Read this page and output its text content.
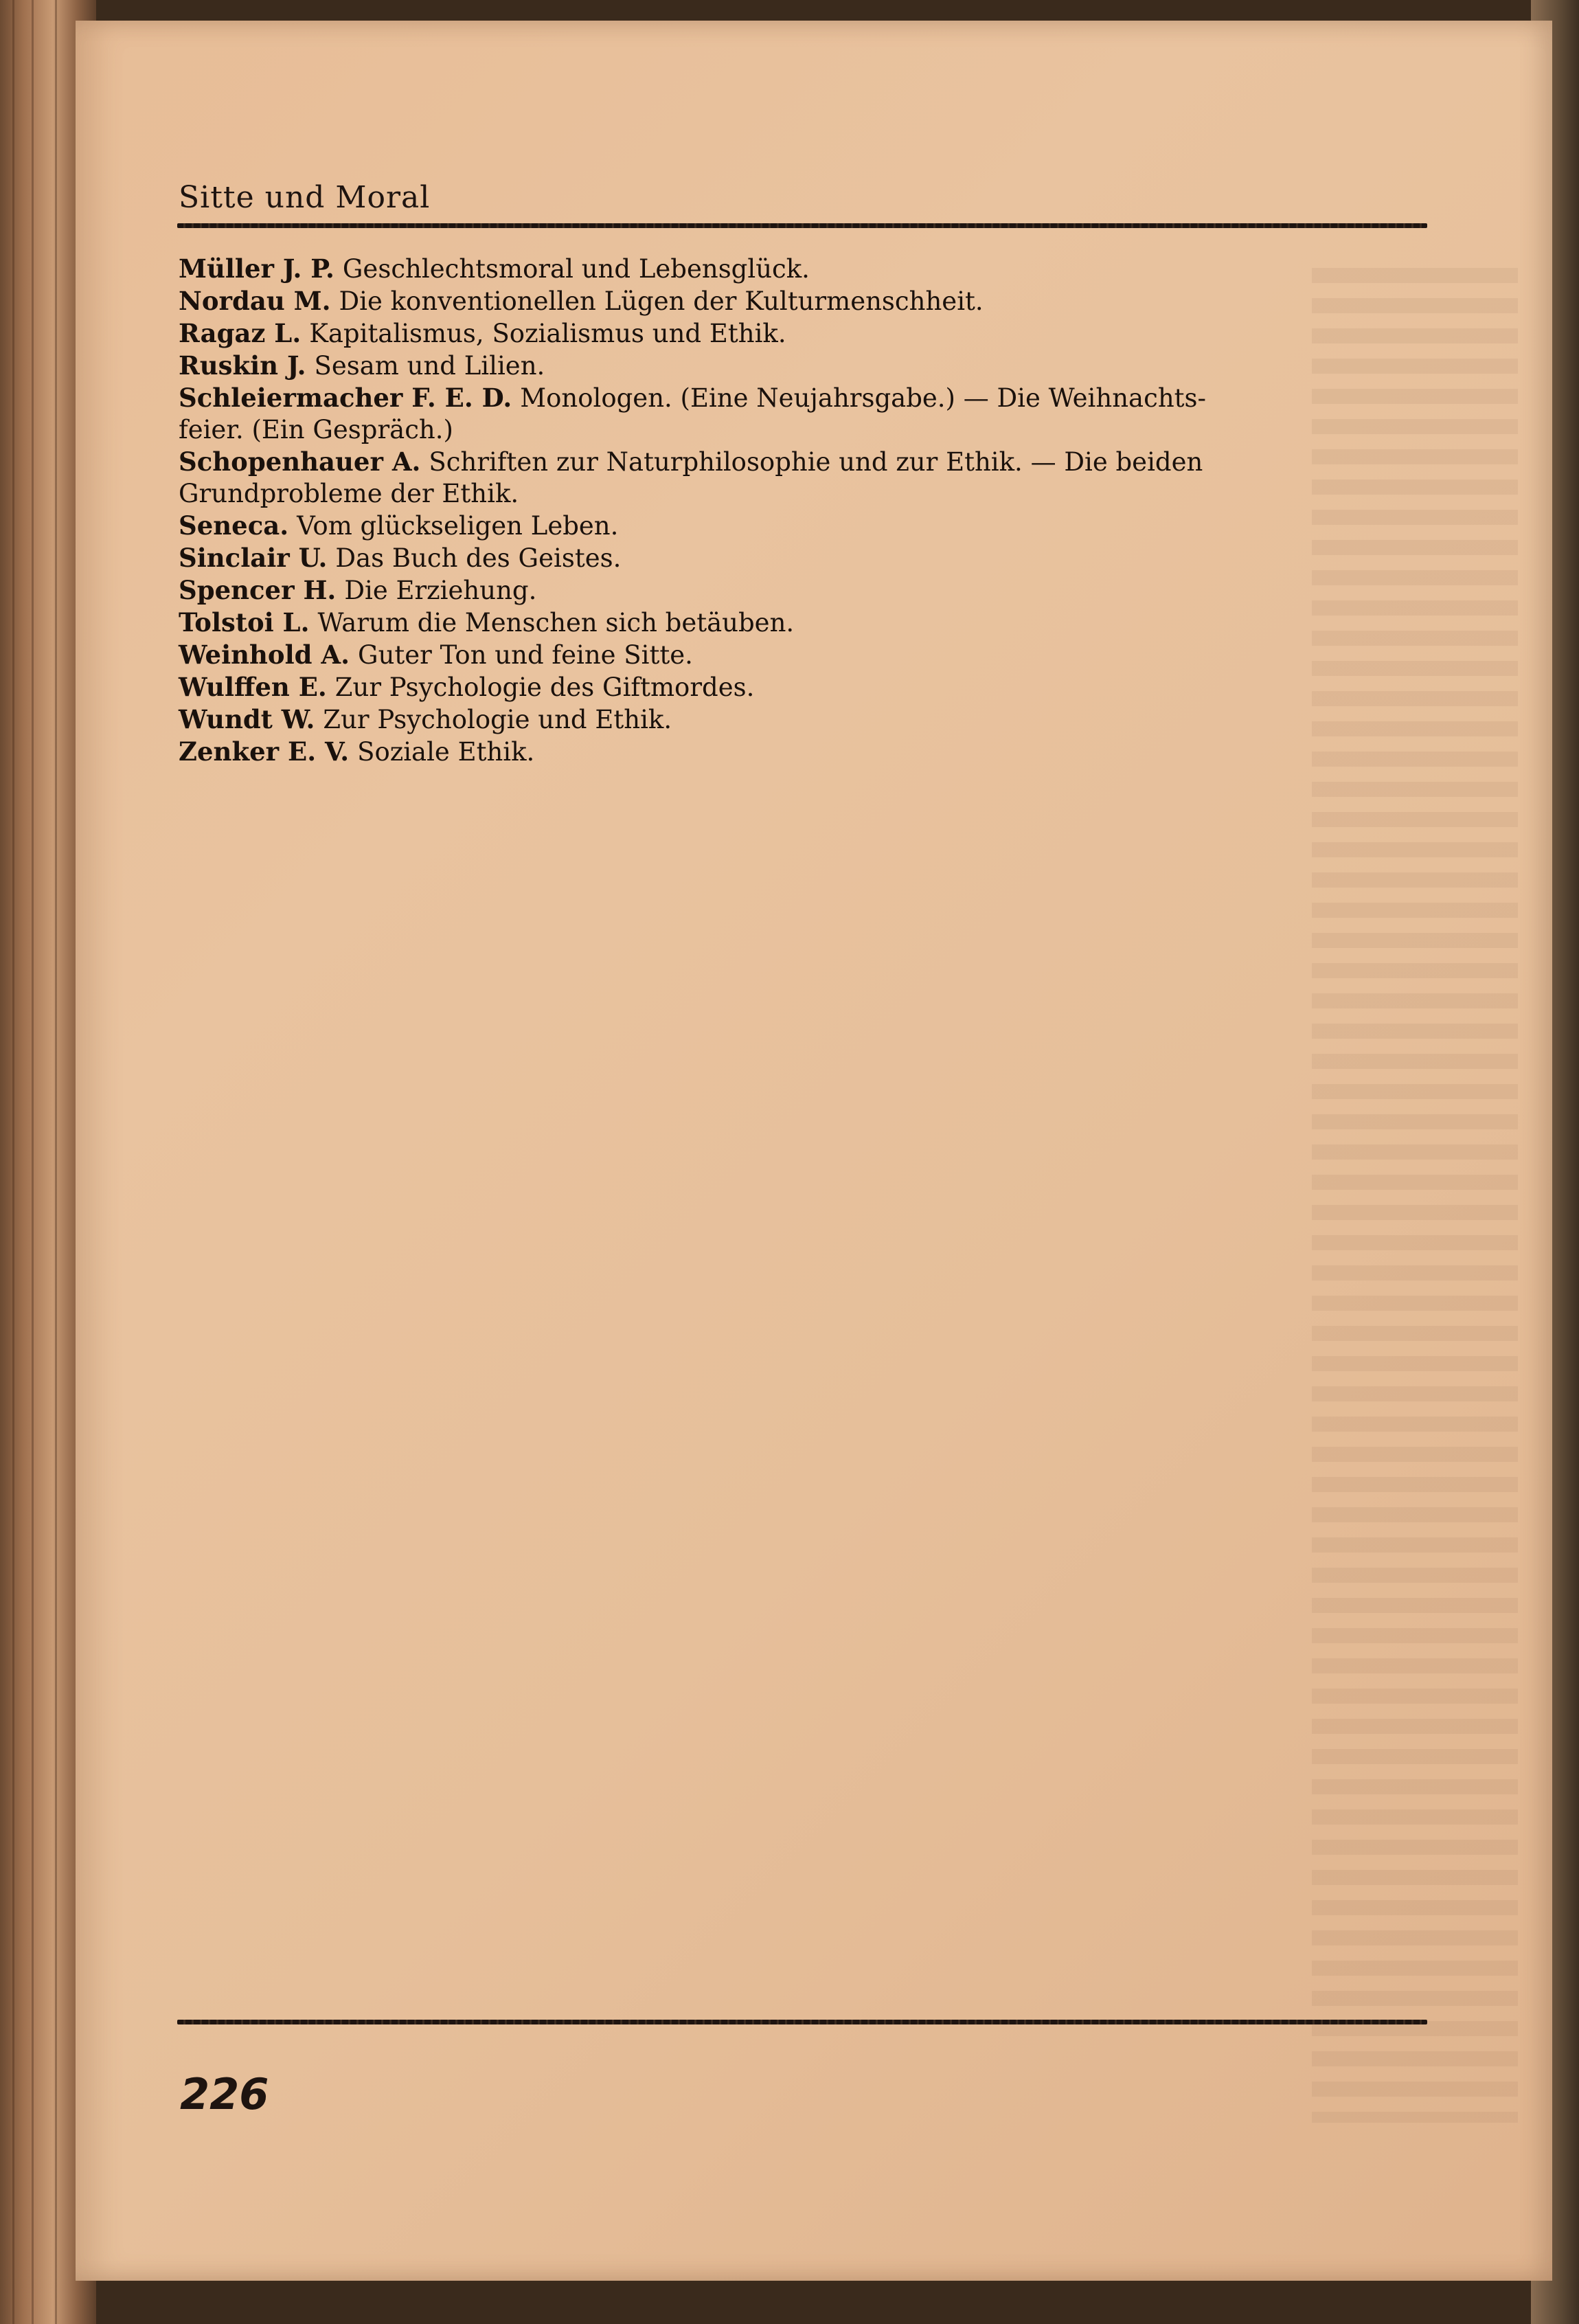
Sitte und Moral
Müller J. P. Geschlechtsmoral und Lebensglück.
Nordau M. Die konventionellen Lügen der Kulturmenschheit.
Ragaz L. Kapitalismus, Sozialismus und Ethik.
Ruskin J. Sesam und Lilien.
Schleiermacher F. E. D. Monologen. (Eine Neujahrsgabe.) — Die Weihnachts-
feier. (Ein Gespräch.)
Schopenhauer A. Schriften zur Naturphilosophie und zur Ethik. — Die beiden
Grundprobleme der Ethik.
Seneca. Vom glückseligen Leben.
Sinclair U. Das Buch des Geistes.
Spencer H. Die Erziehung.
Tolstoi L. Warum die Menschen sich betäuben.
Weinhold A. Guter Ton und feine Sitte.
Wulffen E. Zur Psychologie des Giftmordes.
Wundt W. Zur Psychologie und Ethik.
Zenker E. V. Soziale Ethik.
226
